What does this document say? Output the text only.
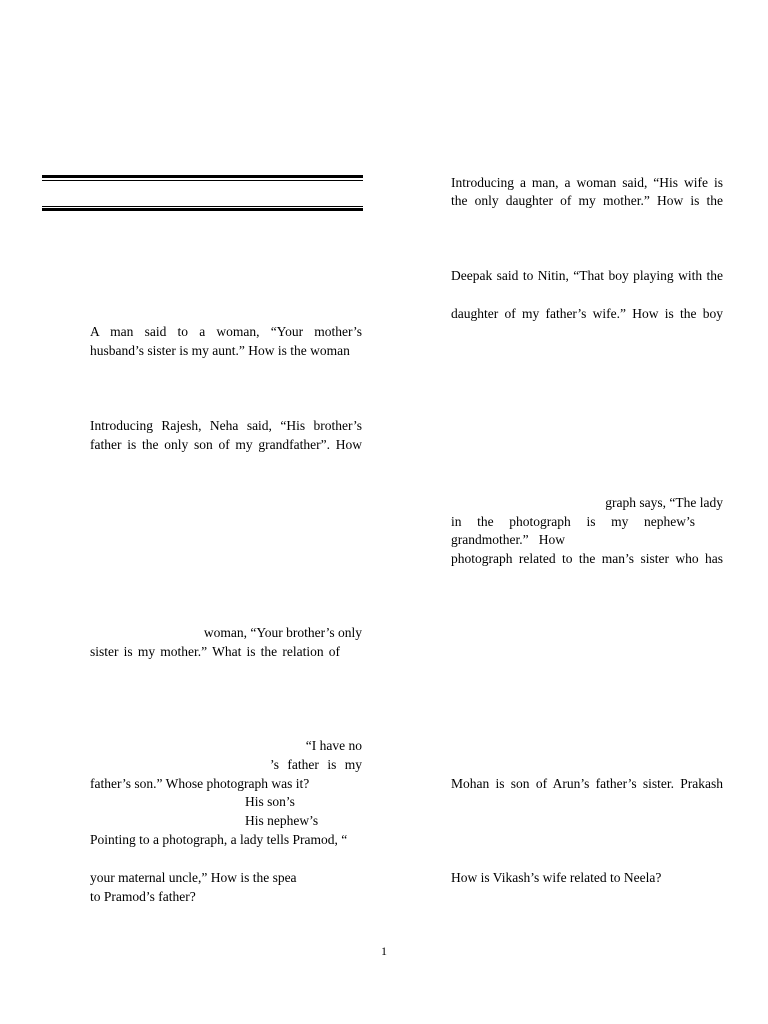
A man said to a woman, “Your mother’s
husband’s sister is my aunt.” How is the woman
Introducing Rajesh, Neha said, “His brother’s
father is the only son of my grandfather”. How
woman, “Your brother’s only
sister is my mother.” What is the relation of
“I have no
’s father is my
father’s son.” Whose photograph was it?
His son’s
His nephew’s
Pointing to a photograph, a lady tells Pramod, “
your maternal uncle,” How is the spea
to Pramod’s father?
Introducing a man, a woman said, “His wife is
the only daughter of my mother.” How is the
Deepak said to Nitin, “That boy playing with the
daughter of my father’s wife.” How is the boy
graph says, “The lady
in the photograph is my nephew’s
grandmother.”   How
photograph related to the man’s sister who has
Mohan is son of Arun’s father’s sister. Prakash
How is Vikash’s wife related to Neela?
1
